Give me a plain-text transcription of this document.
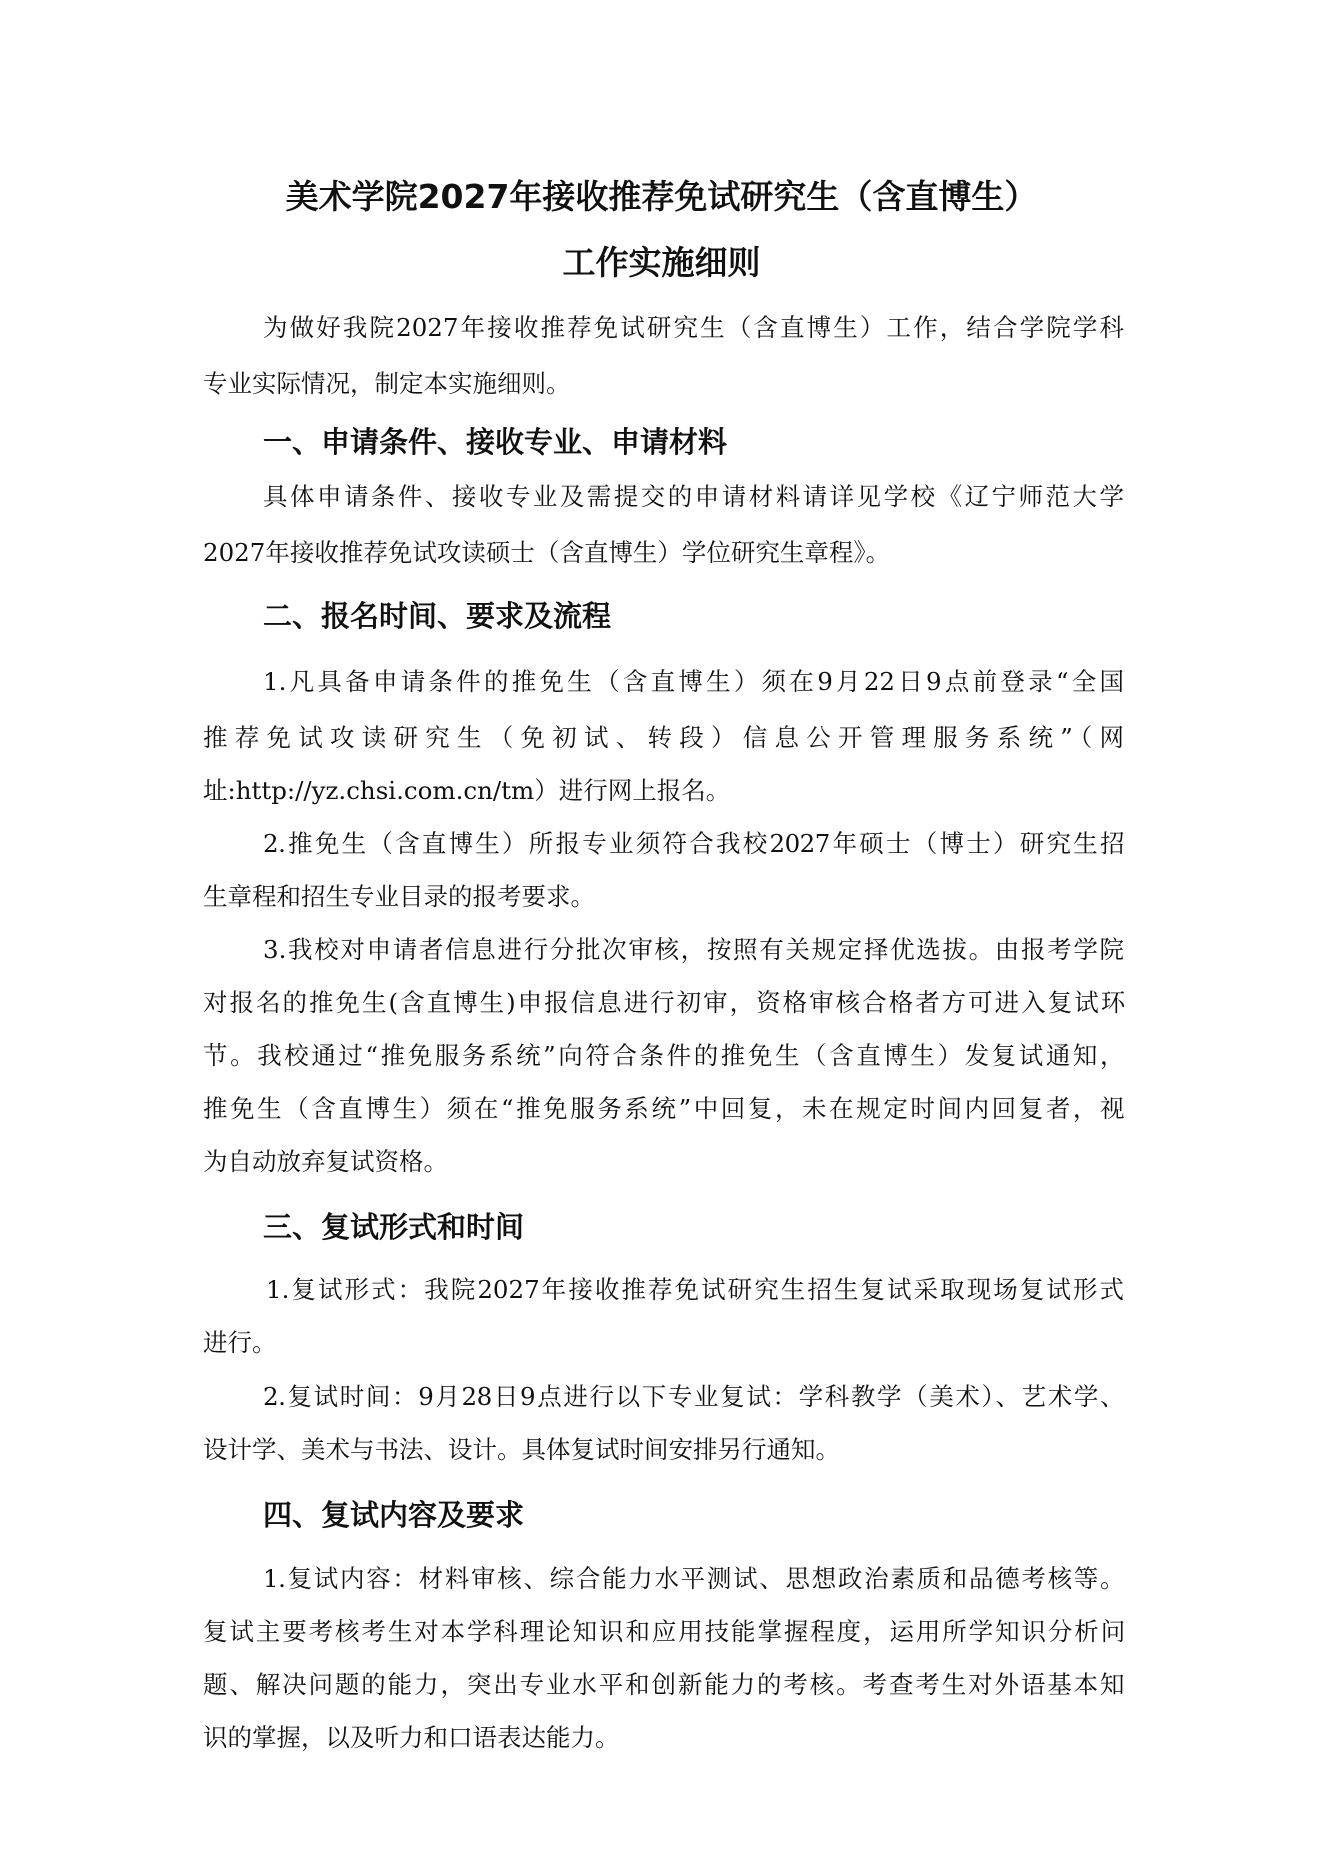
美术学院2027年接收推荐免试研究生（含直博生）
工作实施细则
为做好我院2027年接收推荐免试研究生（含直博生）工作，结合学院学科
专业实际情况，制定本实施细则。
一、申请条件、接收专业、申请材料
具体申请条件、接收专业及需提交的申请材料请详见学校《辽宁师范大学
2027年接收推荐免试攻读硕士（含直博生）学位研究生章程》。
二、报名时间、要求及流程
1.凡具备申请条件的推免生（含直博生）须在9月22日9点前登录“全国
推荐免试攻读研究生（免初试、转段）信息公开管理服务系统”（网
址:http://yz.chsi.com.cn/tm）进行网上报名。
2.推免生（含直博生）所报专业须符合我校2027年硕士（博士）研究生招
生章程和招生专业目录的报考要求。
3.我校对申请者信息进行分批次审核，按照有关规定择优选拔。由报考学院
对报名的推免生(含直博生)申报信息进行初审，资格审核合格者方可进入复试环
节。我校通过“推免服务系统”向符合条件的推免生（含直博生）发复试通知，
推免生（含直博生）须在“推免服务系统”中回复，未在规定时间内回复者，视
为自动放弃复试资格。
三、复试形式和时间
1.复试形式：我院2027年接收推荐免试研究生招生复试采取现场复试形式
进行。
2.复试时间：9月28日9点进行以下专业复试：学科教学（美术）、艺术学、
设计学、美术与书法、设计。具体复试时间安排另行通知。
四、复试内容及要求
1.复试内容：材料审核、综合能力水平测试、思想政治素质和品德考核等。
复试主要考核考生对本学科理论知识和应用技能掌握程度，运用所学知识分析问
题、解决问题的能力，突出专业水平和创新能力的考核。考查考生对外语基本知
识的掌握，以及听力和口语表达能力。
